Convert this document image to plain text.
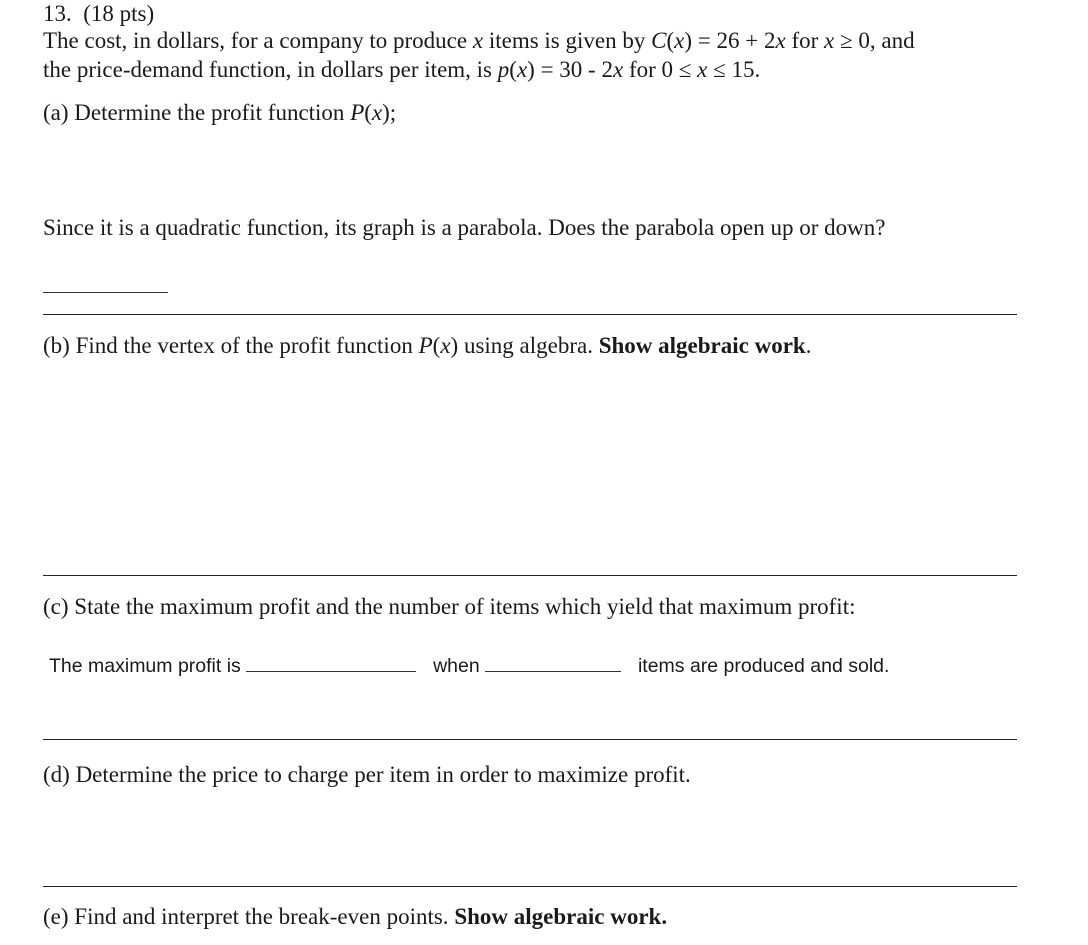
13. (18 pts)
The cost, in dollars, for a company to produce x items is given by C(x) = 26 + 2x for x ≥ 0, and
the price-demand function, in dollars per item, is p(x) = 30 - 2x for 0 ≤ x ≤ 15.
(a) Determine the profit function P(x);
Since it is a quadratic function, its graph is a parabola. Does the parabola open up or down?
(b) Find the vertex of the profit function P(x) using algebra. Show algebraic work.
(c) State the maximum profit and the number of items which yield that maximum profit:
The maximum profit is	when	items are produced and sold.
(d) Determine the price to charge per item in order to maximize profit.
(e) Find and interpret the break-even points. Show algebraic work.
